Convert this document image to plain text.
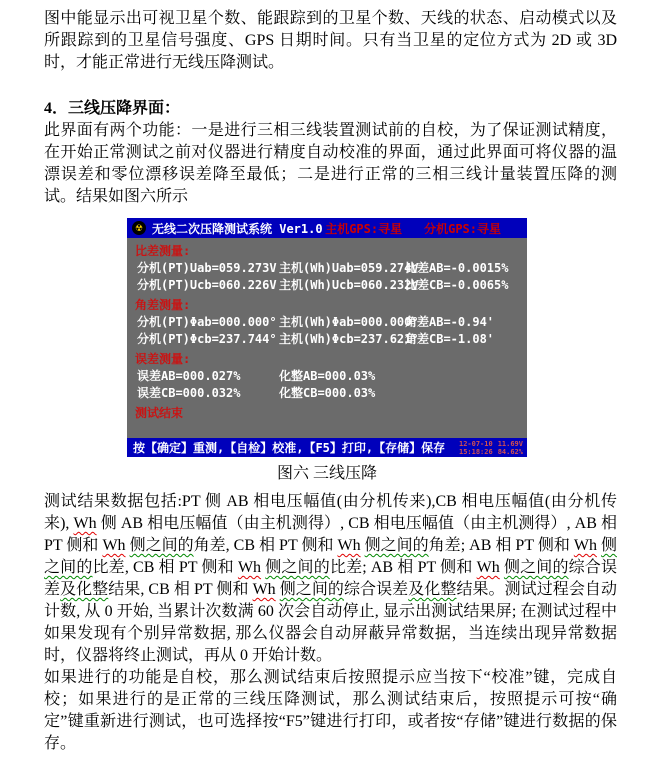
图中能显示出可视卫星个数、能跟踪到的卫星个数、天线的状态、启动模式以及所跟踪到的卫星信号强度、GPS 日期时间。只有当卫星的定位方式为 2D 或 3D 时，才能正常进行无线压降测试。

4．三线压降界面：

此界面有两个功能：一是进行三相三线装置测试前的自校，为了保证测试精度，在开始正常测试之前对仪器进行精度自动校准的界面，通过此界面可将仪器的温漂误差和零位漂移误差降至最低；二是进行正常的三相三线计量装置压降的测试。结果如图六所示

☢ 无线二次压降测试系统 Ver1.0 主机GPS:寻星 分机GPS:寻星
比差测量:
分机(PT)Uab=059.273V 主机(Wh)Uab=059.274V
比差AB=-0.0015%
分机(PT)Ucb=060.226V 主机(Wh)Ucb=060.232V
比差CB=-0.0065%
角差测量:
分机(PT)Φab=000.000° 主机(Wh)Φab=000.000°
角差AB=-0.94'
分机(PT)Φcb=237.744° 主机(Wh)Φcb=237.621°
角差CB=-1.08'
误差测量:
误差AB=000.027%	化整AB=000.03%
误差CB=000.032%	化整CB=000.03%
测试结束
按【确定】重测,【自检】校准,【F5】打印,【存储】保存 12-07-10
15:18:26
11.69V
84.62%
图六 三线压降

测试结果数据包括:PT 侧 AB 相电压幅值(由分机传来),CB 相电压幅值(由分机传来), Wh 侧 AB 相电压幅值（由主机测得）, CB 相电压幅值（由主机测得）, AB 相 PT 侧和 Wh 侧之间的角差, CB 相 PT 侧和 Wh 侧之间的角差; AB 相 PT 侧和 Wh 侧之间的比差, CB 相 PT 侧和 Wh 侧之间的比差; AB 相 PT 侧和 Wh 侧之间的综合误差及化整结果, CB 相 PT 侧和 Wh 侧之间的综合误差及化整结果。测试过程会自动计数, 从 0 开始, 当累计次数满 60 次会自动停止, 显示出测试结果屏; 在测试过程中如果发现有个别异常数据, 那么仪器会自动屏蔽异常数据，当连续出现异常数据时，仪器将终止测试，再从 0 开始计数。

如果进行的功能是自校，那么测试结束后按照提示应当按下“校准”键，完成自校；如果进行的是正常的三线压降测试，那么测试结束后，按照提示可按“确定”键重新进行测试，也可选择按“F5”键进行打印，或者按“存储”键进行数据的保存。
